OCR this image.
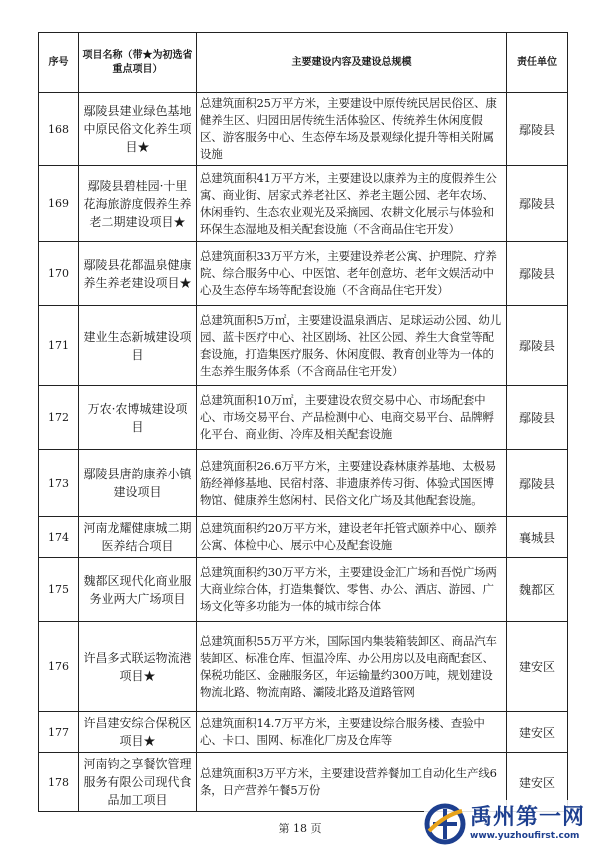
序号	项目名称（带★为初选省重点项目）	主要建设内容及建设总规模	责任单位
168	鄢陵县建业绿色基地中原民俗文化养生项目★	总建筑面积25万平方米，主要建设中原传统民居民俗区、康健养生区、归园田居传统生活体验区、传统养生休闲度假区、游客服务中心、生态停车场及景观绿化提升等相关附属设施	鄢陵县
169	鄢陵县碧桂园·十里花海旅游度假养生养老二期建设项目★	总建筑面积41万平方米，主要建设以康养为主的度假养生公寓、商业街、居家式养老社区、养老主题公园、老年农场、休闲垂钓、生态农业观光及采摘园、农耕文化展示与体验和环保生态湿地及相关配套设施（不含商品住宅开发）	鄢陵县
170	鄢陵县花都温泉健康养生养老建设项目★	总建筑面积33万平方米，主要建设养老公寓、护理院、疗养院、综合服务中心、中医馆、老年创意坊、老年文娱活动中心及生态停车场等配套设施（不含商品住宅开发）	鄢陵县
171	建业生态新城建设项目	总建筑面积5万㎡，主要建设温泉酒店、足球运动公园、幼儿园、蓝卡医疗中心、社区剧场、社区公园、养生大食堂等配套设施，打造集医疗服务、休闲度假、教育创业等为一体的生态养生服务体系（不含商品住宅开发）	鄢陵县
172	万农·农博城建设项目	总建筑面积10万㎡，主要建设农贸交易中心、市场配套中心、市场交易平台、产品检测中心、电商交易平台、品牌孵化平台、商业街、冷库及相关配套设施	鄢陵县
173	鄢陵县唐韵康养小镇建设项目	总建筑面积26.6万平方米，主要建设森林康养基地、太极易筋经禅修基地、民宿村落、非遗康养传习街、体验式国医博物馆、健康养生悠闲村、民俗文化广场及其他配套设施。	鄢陵县
174	河南龙耀健康城二期医养结合项目	总建筑面积约20万平方米，建设老年托管式颐养中心、颐养公寓、体检中心、展示中心及配套设施	襄城县
175	魏都区现代化商业服务业两大广场项目	总建筑面积约30万平方米，主要建设金汇广场和吾悦广场两大商业综合体，打造集餐饮、零售、办公、酒店、游园、广场文化等多功能为一体的城市综合体	魏都区
176	许昌多式联运物流港项目★	总建筑面积55万平方米，国际国内集装箱装卸区、商品汽车装卸区、标准仓库、恒温冷库、办公用房以及电商配套区、保税功能区、金融服务区，年运输量约300万吨，规划建设物流北路、物流南路、灞陵北路及道路管网	建安区
177	许昌建安综合保税区项目★	总建筑面积14.7万平方米，主要建设综合服务楼、查验中心、卡口、围网、标准化厂房及仓库等	建安区
178	河南钧之享餐饮管理服务有限公司现代食品加工项目	总建筑面积3万平方米，主要建设营养餐加工自动化生产线6条，日产营养午餐5万份	建安区
第 18 页	禹州第一网
www.yuzhoufirst.com
